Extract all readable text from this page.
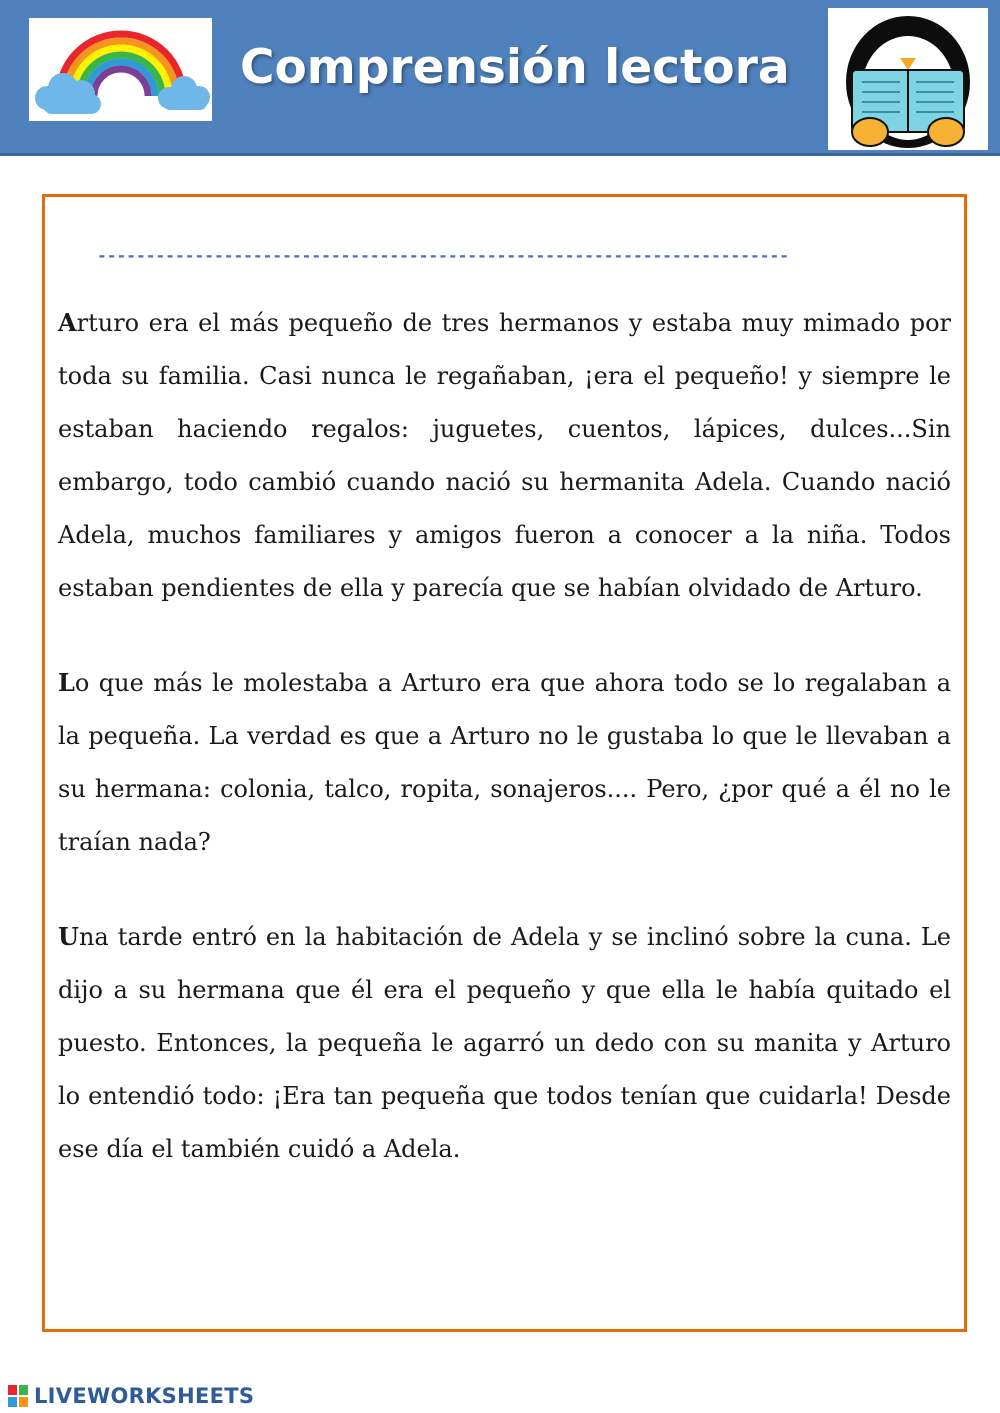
Comprensión lectora
-----------------------------------------------------------------------

Arturo era el más pequeño de tres hermanos y estaba muy mimado por toda su familia. Casi nunca le regañaban, ¡era el pequeño! y siempre le estaban haciendo regalos: juguetes, cuentos, lápices, dulces...Sin embargo, todo cambió cuando nació su hermanita Adela. Cuando nació Adela, muchos familiares y amigos fueron a conocer a la niña. Todos estaban pendientes de ella y parecía que se habían olvidado de Arturo.

Lo que más le molestaba a Arturo era que ahora todo se lo regalaban a la pequeña. La verdad es que a Arturo no le gustaba lo que le llevaban a su hermana: colonia, talco, ropita, sonajeros.... Pero, ¿por qué a él no le traían nada?

Una tarde entró en la habitación de Adela y se inclinó sobre la cuna. Le dijo a su hermana que él era el pequeño y que ella le había quitado el puesto. Entonces, la pequeña le agarró un dedo con su manita y Arturo lo entendió todo: ¡Era tan pequeña que todos tenían que cuidarla! Desde ese día el también cuidó a Adela.

LIVEWORKSHEETS
